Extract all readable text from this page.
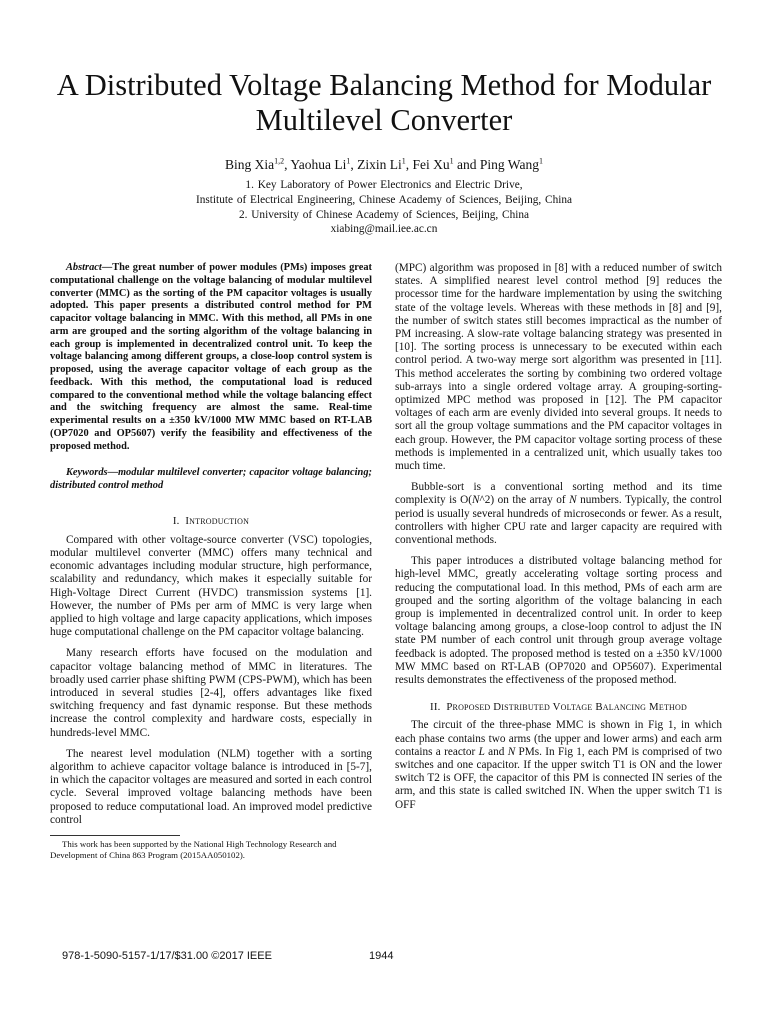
A Distributed Voltage Balancing Method for Modular Multilevel Converter
Bing Xia$^{1,2}$, Yaohua Li$^1$, Zixin Li$^1$, Fei Xu$^1$ and Ping Wang$^1$
1. Key Laboratory of Power Electronics and Electric Drive,
Institute of Electrical Engineering, Chinese Academy of Sciences, Beijing, China
2. University of Chinese Academy of Sciences, Beijing, China
xiabing@mail.iee.ac.cn

Abstract—The great number of power modules (PMs) imposes great computational challenge on the voltage balancing of modular multilevel converter (MMC) as the sorting of the PM capacitor voltages is usually adopted. This paper presents a distributed control method for PM capacitor voltage balancing in MMC. With this method, all PMs in one arm are grouped and the sorting algorithm of the voltage balancing in each group is implemented in decentralized control unit. To keep the voltage balancing among different groups, a close-loop control system is proposed, using the average capacitor voltage of each group as the feedback. With this method, the computational load is reduced compared to the conventional method while the voltage balancing effect and the switching frequency are almost the same. Real-time experimental results on a ±350 kV/1000 MW MMC based on RT-LAB (OP7020 and OP5607) verify the feasibility and effectiveness of the proposed method.

Keywords—modular multilevel converter; capacitor voltage balancing; distributed control method

I. Introduction

Compared with other voltage-source converter (VSC) topologies, modular multilevel converter (MMC) offers many technical and economic advantages including modular structure, high performance, scalability and redundancy, which makes it especially suitable for High-Voltage Direct Current (HVDC) transmission systems [1]. However, the number of PMs per arm of MMC is very large when applied to high voltage and large capacity applications, which imposes huge computational challenge on the PM capacitor voltage balancing.

Many research efforts have focused on the modulation and capacitor voltage balancing method of MMC in literatures. The broadly used carrier phase shifting PWM (CPS-PWM), which has been introduced in several studies [2-4], offers advantages like fixed switching frequency and fast dynamic response. But these methods increase the control complexity and hardware costs, especially in hundreds-level MMC.

The nearest level modulation (NLM) together with a sorting algorithm to achieve capacitor voltage balance is introduced in [5-7], in which the capacitor voltages are measured and sorted in each control cycle. Several improved voltage balancing methods have been proposed to reduce computational load. An improved model predictive control

This work has been supported by the National High Technology Research and Development of China 863 Program (2015AA050102).

(MPC) algorithm was proposed in [8] with a reduced number of switch states. A simplified nearest level control method [9] reduces the processor time for the hardware implementation by using the switching state of the voltage levels. Whereas with these methods in [8] and [9], the number of switch states still becomes impractical as the number of PM increasing. A slow-rate voltage balancing strategy was presented in [10]. The sorting process is unnecessary to be executed within each control period. A two-way merge sort algorithm was presented in [11]. This method accelerates the sorting by combining two ordered voltage sub-arrays into a single ordered voltage array. A grouping-sorting-optimized MPC method was proposed in [12]. The PM capacitor voltages of each arm are evenly divided into several groups. It needs to sort all the group voltage summations and the PM capacitor voltages in each group. However, the PM capacitor voltage sorting process of these methods is implemented in a centralized unit, which usually takes too much time.

Bubble-sort is a conventional sorting method and its time complexity is O(N^2) on the array of N numbers. Typically, the control period is usually several hundreds of microseconds or fewer. As a result, controllers with higher CPU rate and larger capacity are required with conventional methods.

This paper introduces a distributed voltage balancing method for high-level MMC, greatly accelerating voltage sorting process and reducing the computational load. In this method, PMs of each arm are grouped and the sorting algorithm of the voltage balancing in each group is implemented in decentralized control unit. In order to keep voltage balancing among groups, a close-loop control to adjust the IN state PM number of each control unit through group average voltage feedback is adopted. The proposed method is tested on a ±350 kV/1000 MW MMC based on RT-LAB (OP7020 and OP5607). Experimental results demonstrates the effectiveness of the proposed method.

II. Proposed Distributed Voltage Balancing Method

The circuit of the three-phase MMC is shown in Fig 1, in which each phase contains two arms (the upper and lower arms) and each arm contains a reactor L and N PMs. In Fig 1, each PM is comprised of two switches and one capacitor. If the upper switch T1 is ON and the lower switch T2 is OFF, the capacitor of this PM is connected IN series of the arm, and this state is called switched IN. When the upper switch T1 is OFF

978-1-5090-5157-1/17/$31.00 ©2017 IEEE	1944
